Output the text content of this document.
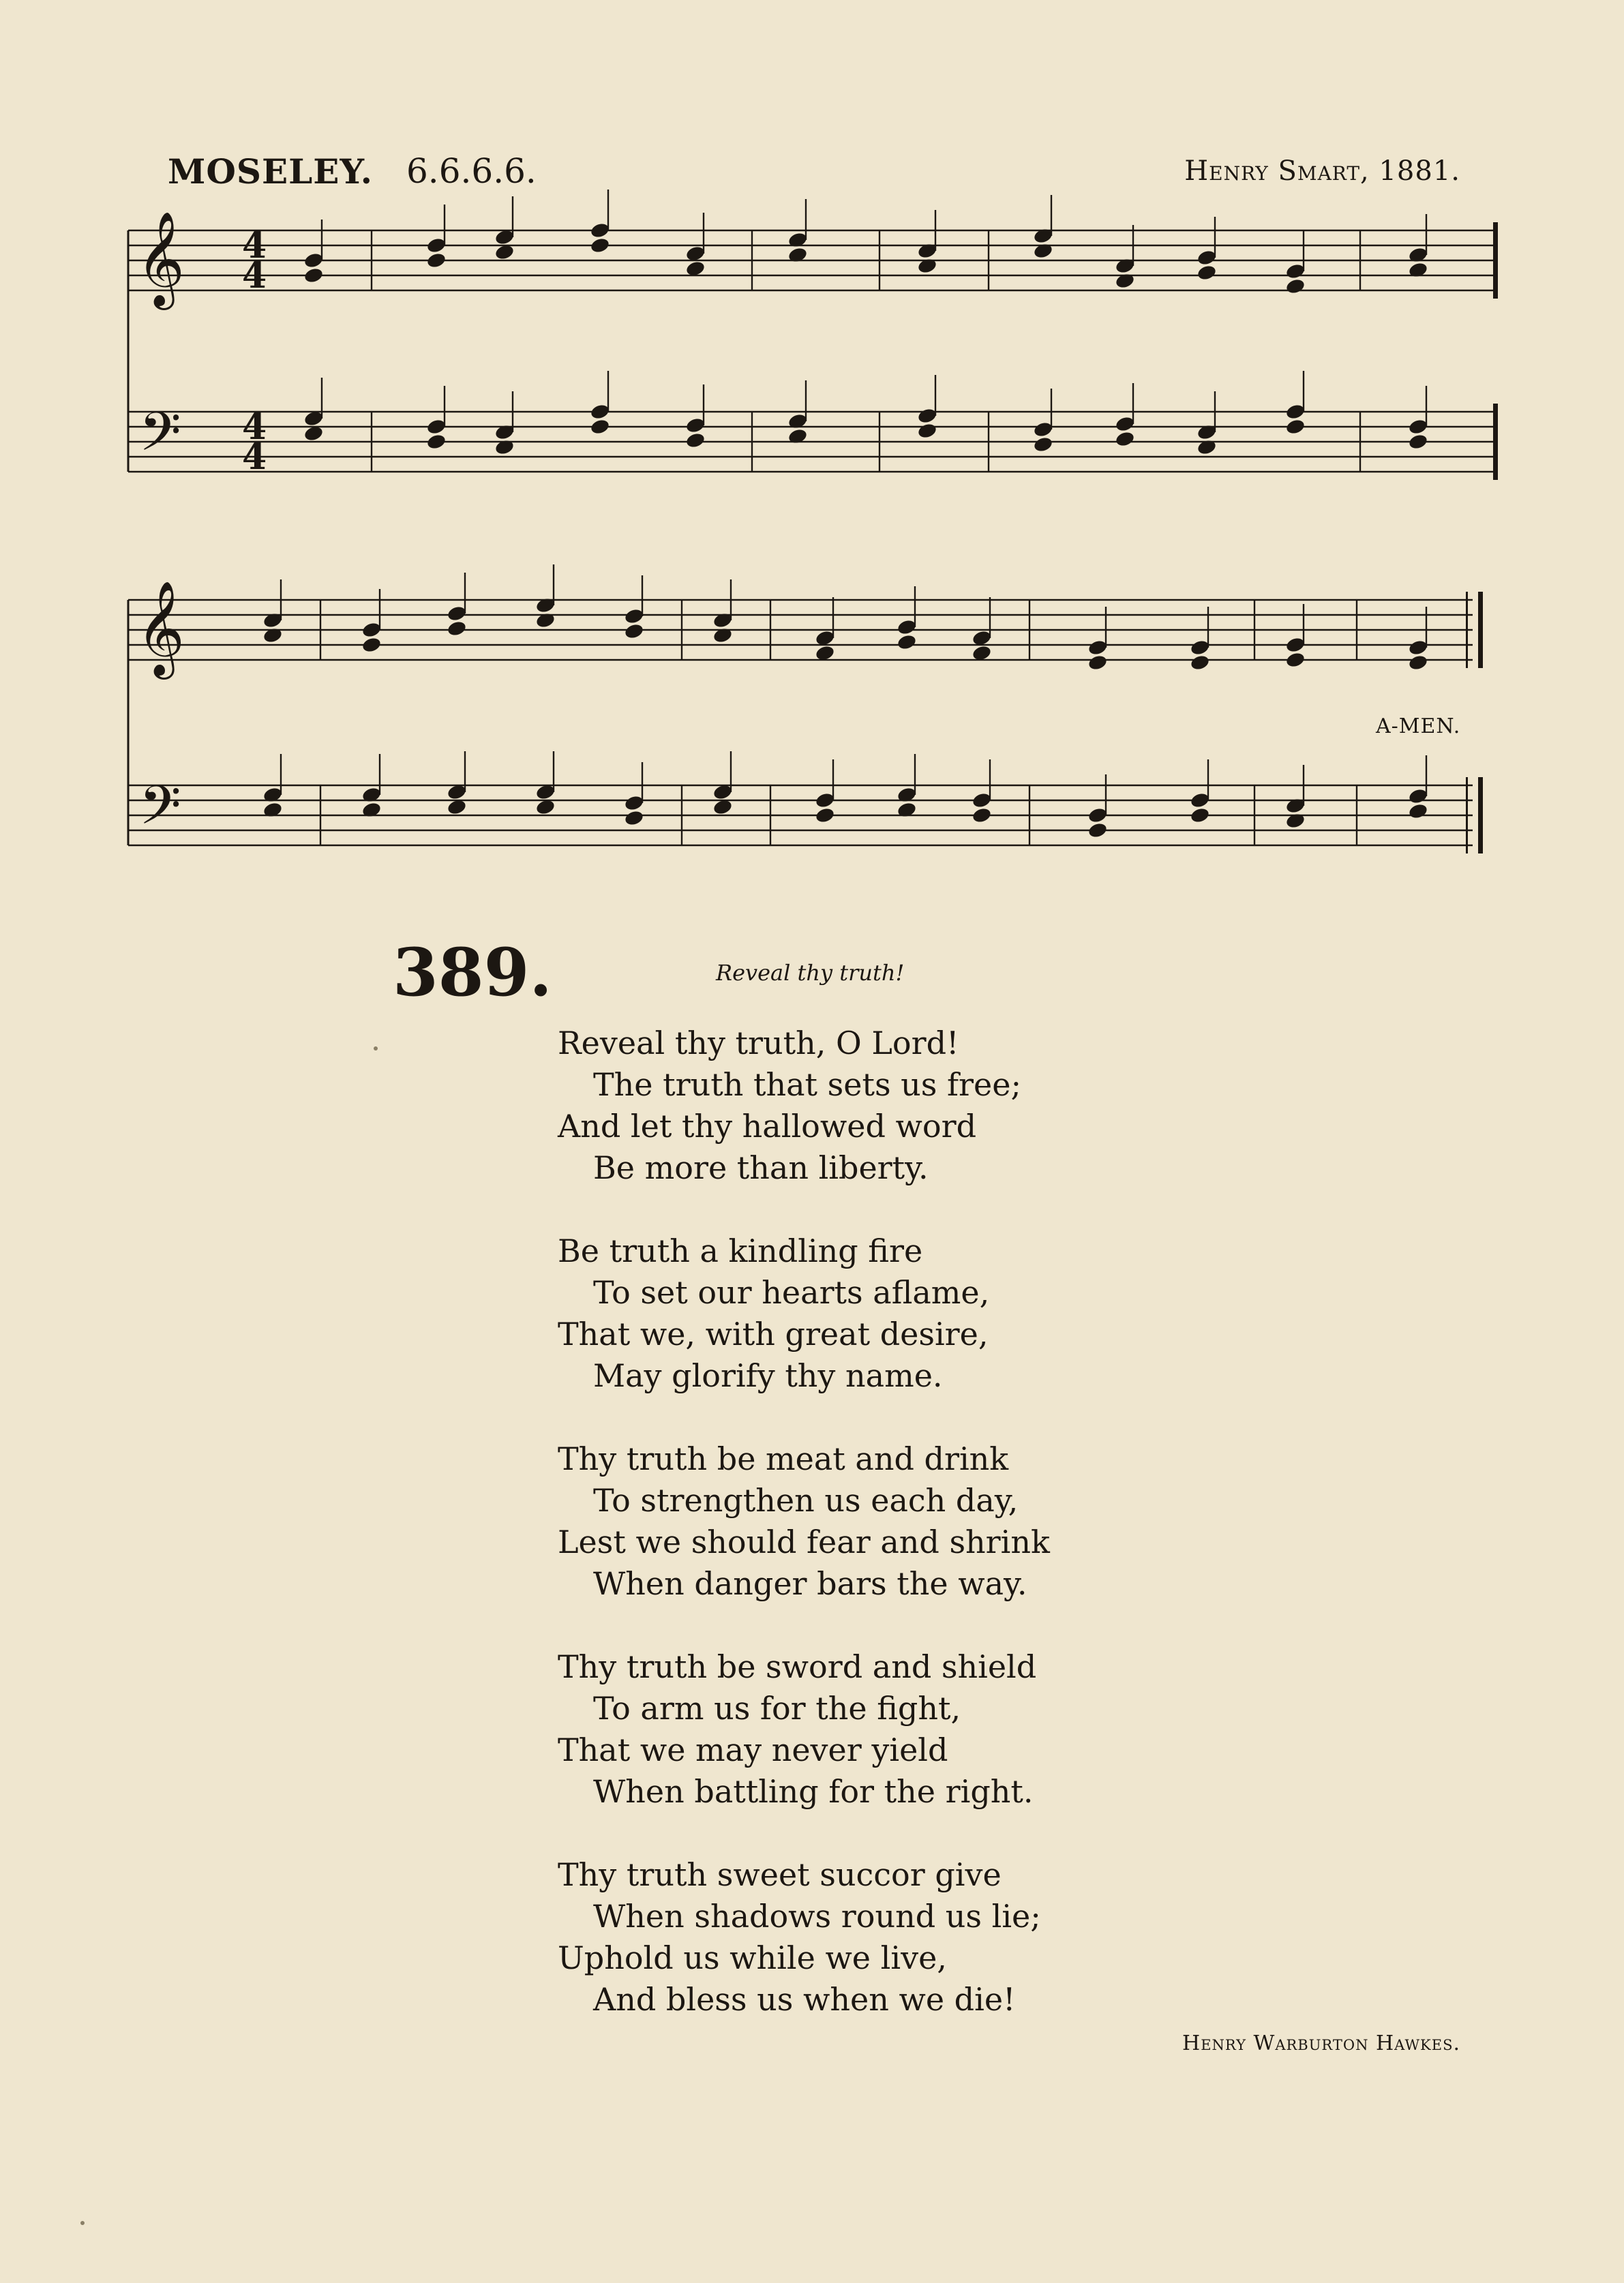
MOSELEY. 6.6.6.6.	Henry Smart, 1881.
𝄞
𝄢
4
4
4
4
𝄞
𝄢
A-MEN.
389.	Reveal thy truth!
Reveal thy truth, O Lord!
The truth that sets us free;
And let thy hallowed word
Be more than liberty.
Be truth a kindling fire
To set our hearts aflame,
That we, with great desire,
May glorify thy name.
Thy truth be meat and drink
To strengthen us each day,
Lest we should fear and shrink
When danger bars the way.
Thy truth be sword and shield
To arm us for the fight,
That we may never yield
When battling for the right.
Thy truth sweet succor give
When shadows round us lie;
Uphold us while we live,
And bless us when we die!
Henry Warburton Hawkes.
